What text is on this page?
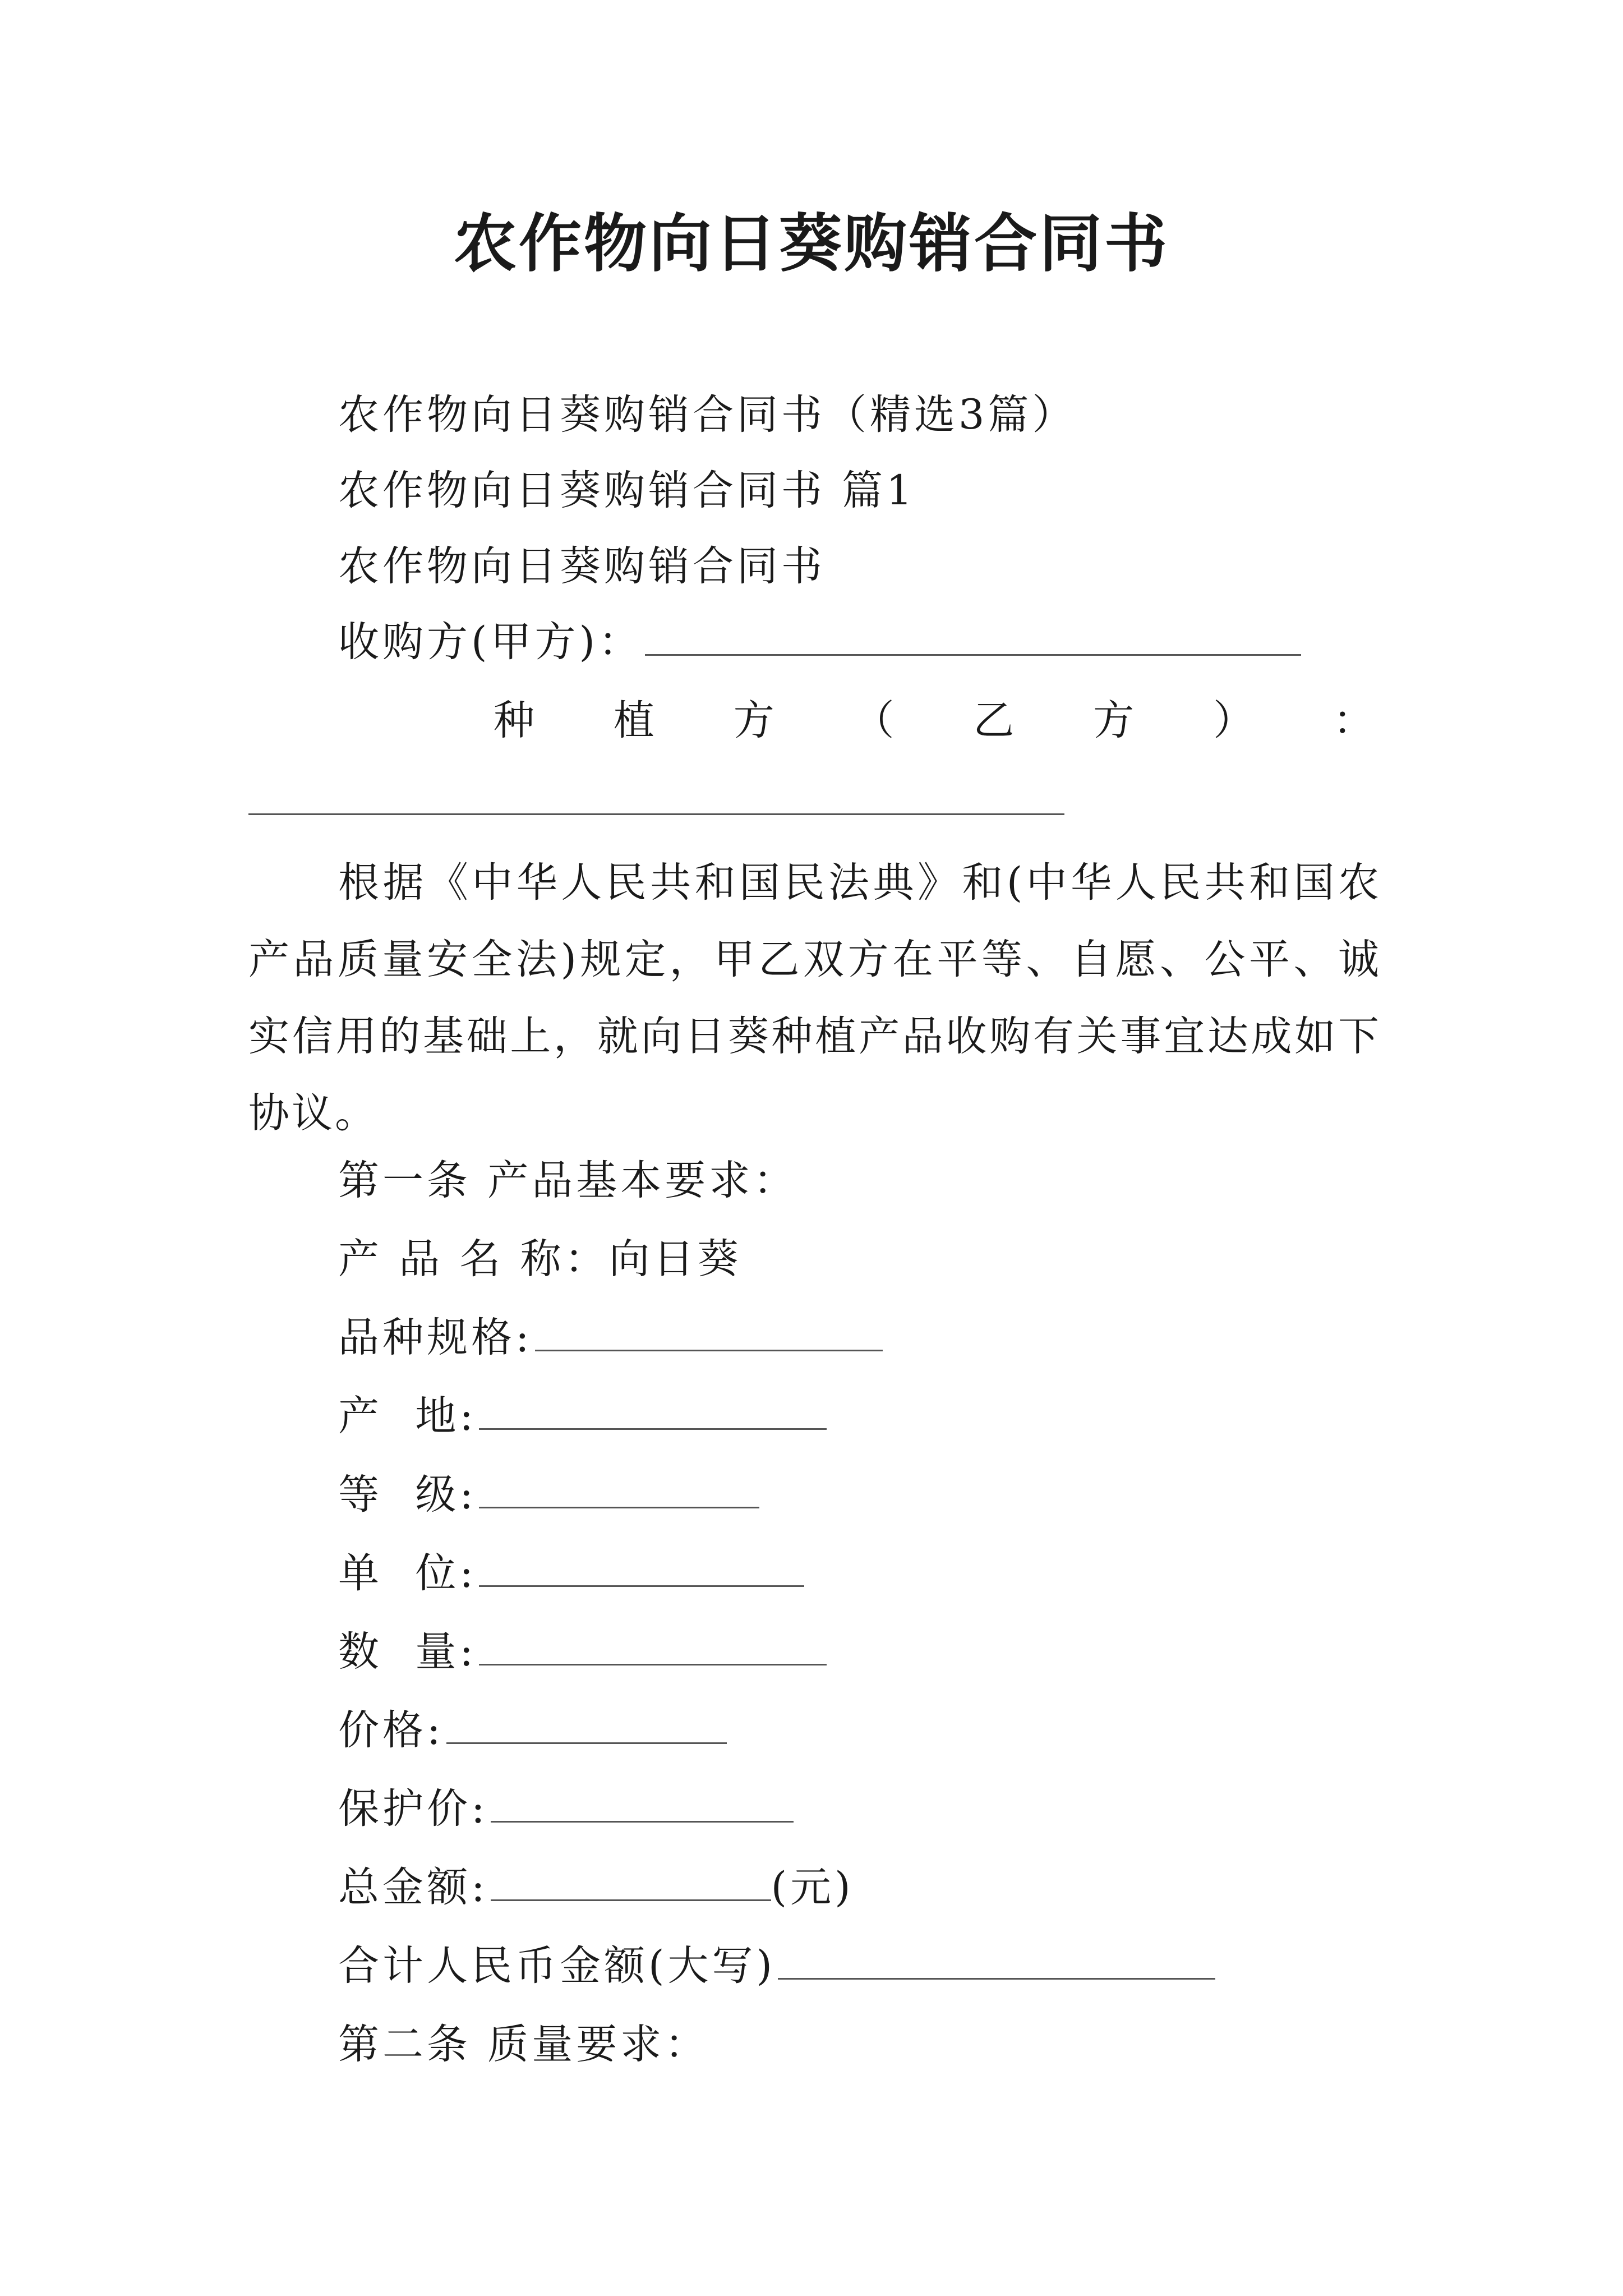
农作物向日葵购销合同书
农作物向日葵购销合同书（精选3篇）
农作物向日葵购销合同书 篇1
农作物向日葵购销合同书
收购方(甲方)：
种 植 方 （ 乙 方 ） ：
根据《中华人民共和国民法典》和(中华人民共和国农产品质量安全法)规定，甲乙双方在平等、自愿、公平、诚实信用的基础上，就向日葵种植产品收购有关事宜达成如下协议。
第一条 产品基本要求：
产 品 名 称：向日葵
品种规格:
产  地:
等  级:
单  位:
数  量:
价格:
保护价:
总金额:	(元)
合计人民币金额(大写)
第二条 质量要求：
